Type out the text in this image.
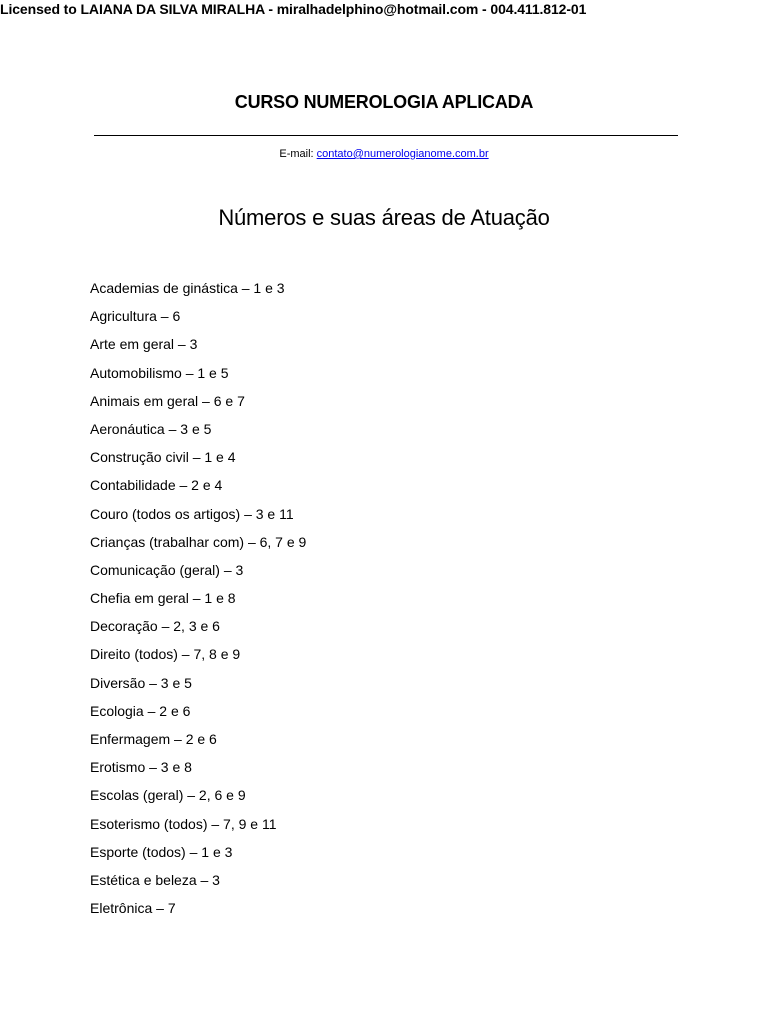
Licensed to LAIANA DA SILVA MIRALHA - miralhadelphino@hotmail.com - 004.411.812-01
CURSO NUMEROLOGIA APLICADA
E-mail: contato@numerologianome.com.br
Números e suas áreas de Atuação
Academias de ginástica – 1 e 3
Agricultura – 6
Arte em geral – 3
Automobilismo – 1 e 5
Animais em geral – 6 e 7
Aeronáutica – 3 e 5
Construção civil – 1 e 4
Contabilidade – 2 e 4
Couro (todos os artigos) – 3 e 11
Crianças (trabalhar com) – 6, 7 e 9
Comunicação (geral) – 3
Chefia em geral – 1 e 8
Decoração – 2, 3 e 6
Direito (todos) – 7, 8 e 9
Diversão – 3 e 5
Ecologia – 2 e 6
Enfermagem – 2 e 6
Erotismo – 3 e 8
Escolas (geral) – 2, 6 e 9
Esoterismo (todos) – 7, 9 e 11
Esporte (todos) – 1 e 3
Estética e beleza – 3
Eletrônica – 7
